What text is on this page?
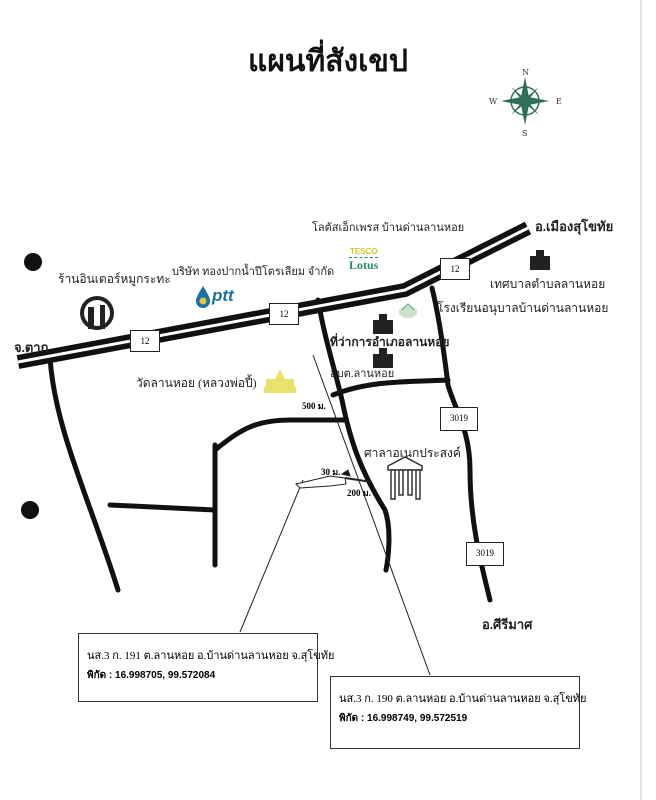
แผนที่สังเขป	N
E
S
W
จ.ตาก
อ.เมืองสุโขทัย
อ.ศีรีมาศ
ร้านอินเตอร์หมูกระทะ บริษัท ทองปากน้ำปีโตรเลียม จำกัด
ptt
โลตัสเอ็กเพรส บ้านด่านลานหอย
TESCO
Lotus
เทศบาลตำบลลานหอย
โรงเรียนอนุบาลบ้านด่านลานหอย
ที่ว่าการอำเภอลานหอย
อบต.ลานหอย
วัดลานหอย (หลวงพ่อปี้)
ศาลาอเนกประสงค์
500 ม.
30 ม.
200 ม.
12
12
12
3019
3019
นส.3 ก. 191 ต.ลานหอย อ.บ้านด่านลานหอย จ.สุโขทัย
พิกัด : 16.998705, 99.572084
นส.3 ก. 190 ต.ลานหอย อ.บ้านด่านลานหอย จ.สุโขทัย
พิกัด : 16.998749, 99.572519
